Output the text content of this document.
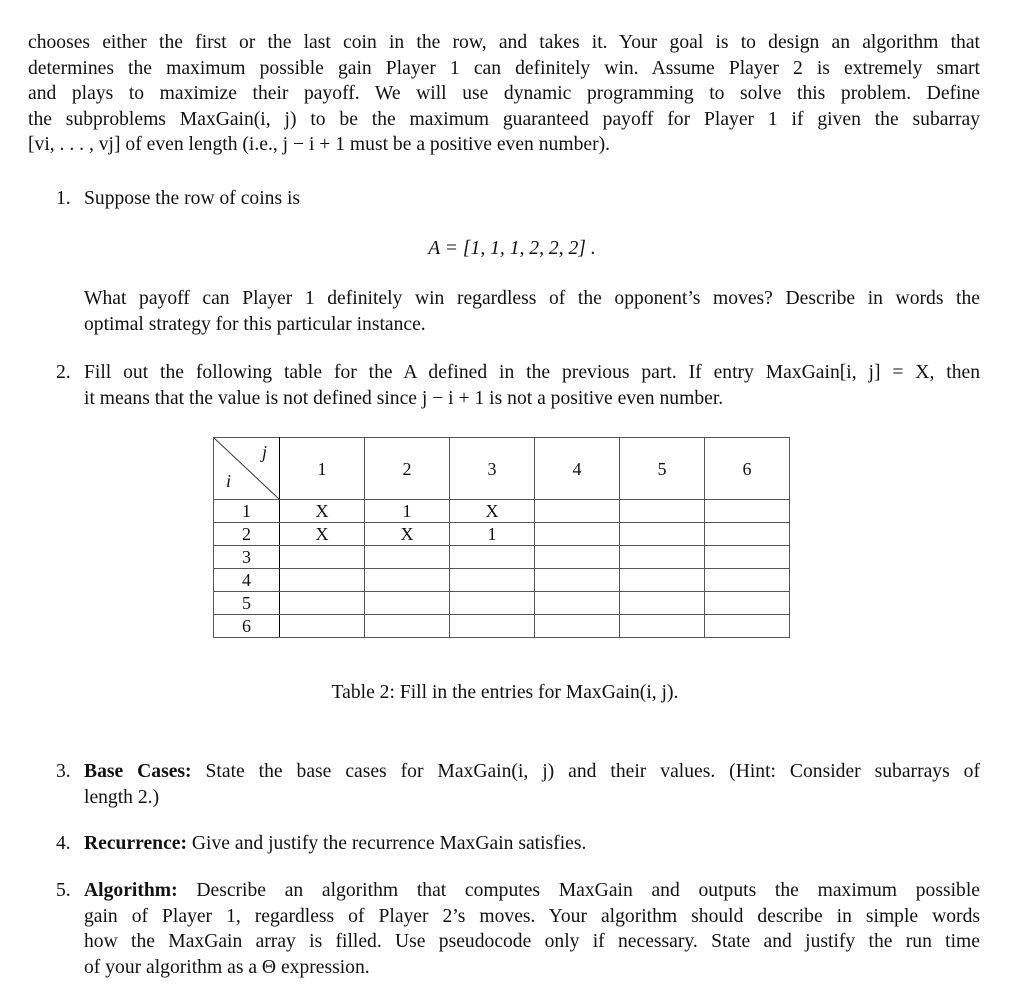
chooses either the first or the last coin in the row, and takes it. Your goal is to design an algorithm that
determines the maximum possible gain Player 1 can definitely win. Assume Player 2 is extremely smart
and plays to maximize their payoff. We will use dynamic programming to solve this problem. Define
the subproblems MaxGain(i, j) to be the maximum guaranteed payoff for Player 1 if given the subarray
[vi, . . . , vj] of even length (i.e., j − i + 1 must be a positive even number).
1. Suppose the row of coins is
A = [1, 1, 1, 2, 2, 2] .
What payoff can Player 1 definitely win regardless of the opponent’s moves? Describe in words the
optimal strategy for this particular instance.
2. Fill out the following table for the A defined in the previous part. If entry MaxGain[i, j] = X, then
it means that the value is not defined since j − i + 1 is not a positive even number.
j
i	1	2	3	4	5	6
1	X	1	X			
2	X	X	1			
3						
4						
5						
6						
Table 2: Fill in the entries for MaxGain(i, j).
3. Base Cases: State the base cases for MaxGain(i, j) and their values. (Hint: Consider subarrays of
length 2.)
4. Recurrence: Give and justify the recurrence MaxGain satisfies.
5. Algorithm: Describe an algorithm that computes MaxGain and outputs the maximum possible
gain of Player 1, regardless of Player 2’s moves. Your algorithm should describe in simple words
how the MaxGain array is filled. Use pseudocode only if necessary. State and justify the run time
of your algorithm as a Θ expression.
